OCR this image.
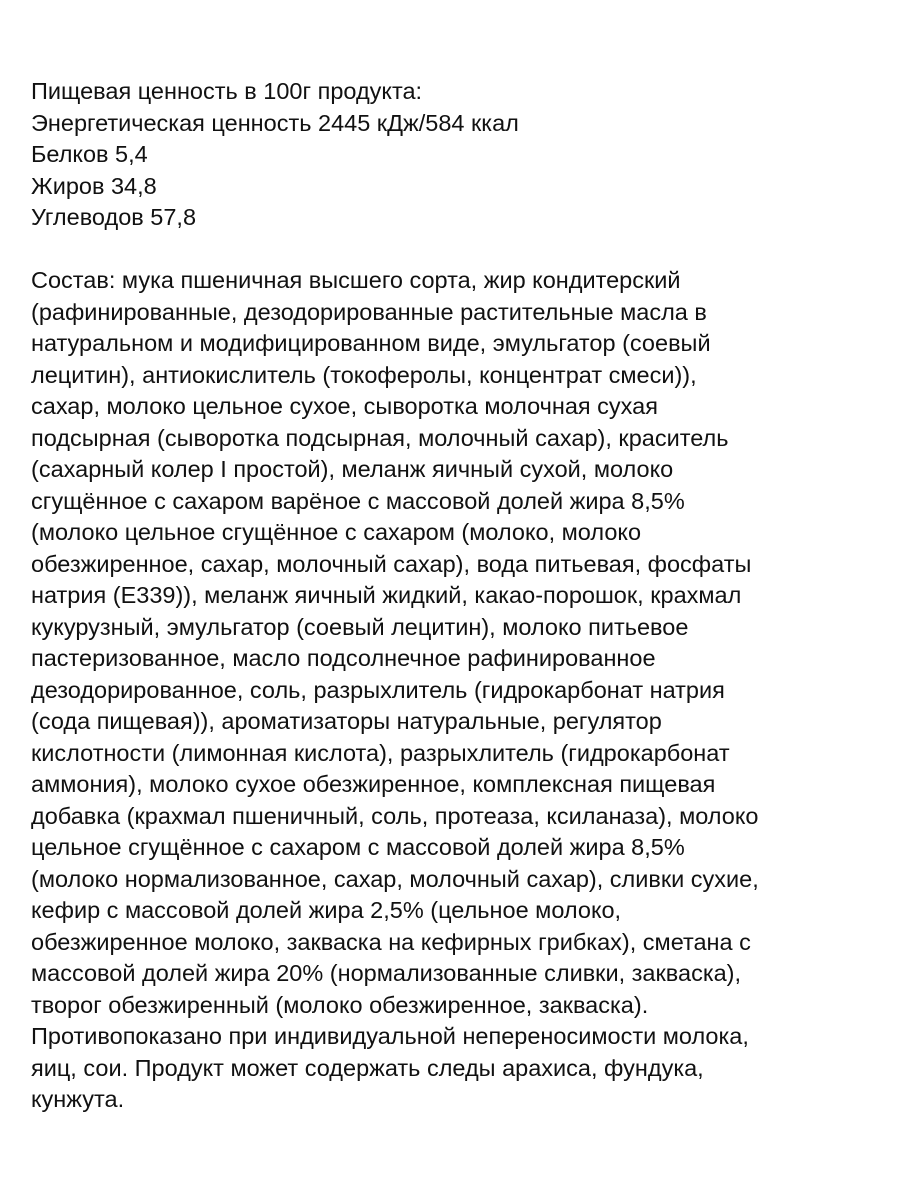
Пищевая ценность в 100г продукта:
Энергетическая ценность 2445 кДж/584 ккал
Белков 5,4
Жиров 34,8
Углеводов 57,8
Состав: мука пшеничная высшего сорта, жир кондитерский
(рафинированные, дезодорированные растительные масла в
натуральном и модифицированном виде, эмульгатор (соевый
лецитин), антиокислитель (токоферолы, концентрат смеси)),
сахар, молоко цельное сухое, сыворотка молочная сухая
подсырная (сыворотка подсырная, молочный сахар), краситель
(сахарный колер I простой), меланж яичный сухой, молоко
сгущённое с сахаром варёное с массовой долей жира 8,5%
(молоко цельное сгущённое с сахаром (молоко, молоко
обезжиренное, сахар, молочный сахар), вода питьевая, фосфаты
натрия (Е339)), меланж яичный жидкий, какао-порошок, крахмал
кукурузный, эмульгатор (соевый лецитин), молоко питьевое
пастеризованное, масло подсолнечное рафинированное
дезодорированное, соль, разрыхлитель (гидрокарбонат натрия
(сода пищевая)), ароматизаторы натуральные, регулятор
кислотности (лимонная кислота), разрыхлитель (гидрокарбонат
аммония), молоко сухое обезжиренное, комплексная пищевая
добавка (крахмал пшеничный, соль, протеаза, ксиланаза), молоко
цельное сгущённое с сахаром с массовой долей жира 8,5%
(молоко нормализованное, сахар, молочный сахар), сливки сухие,
кефир с массовой долей жира 2,5% (цельное молоко,
обезжиренное молоко, закваска на кефирных грибках), сметана с
массовой долей жира 20% (нормализованные сливки, закваска),
творог обезжиренный (молоко обезжиренное, закваска).
Противопоказано при индивидуальной непереносимости молока,
яиц, сои. Продукт может содержать следы арахиса, фундука,
кунжута.
